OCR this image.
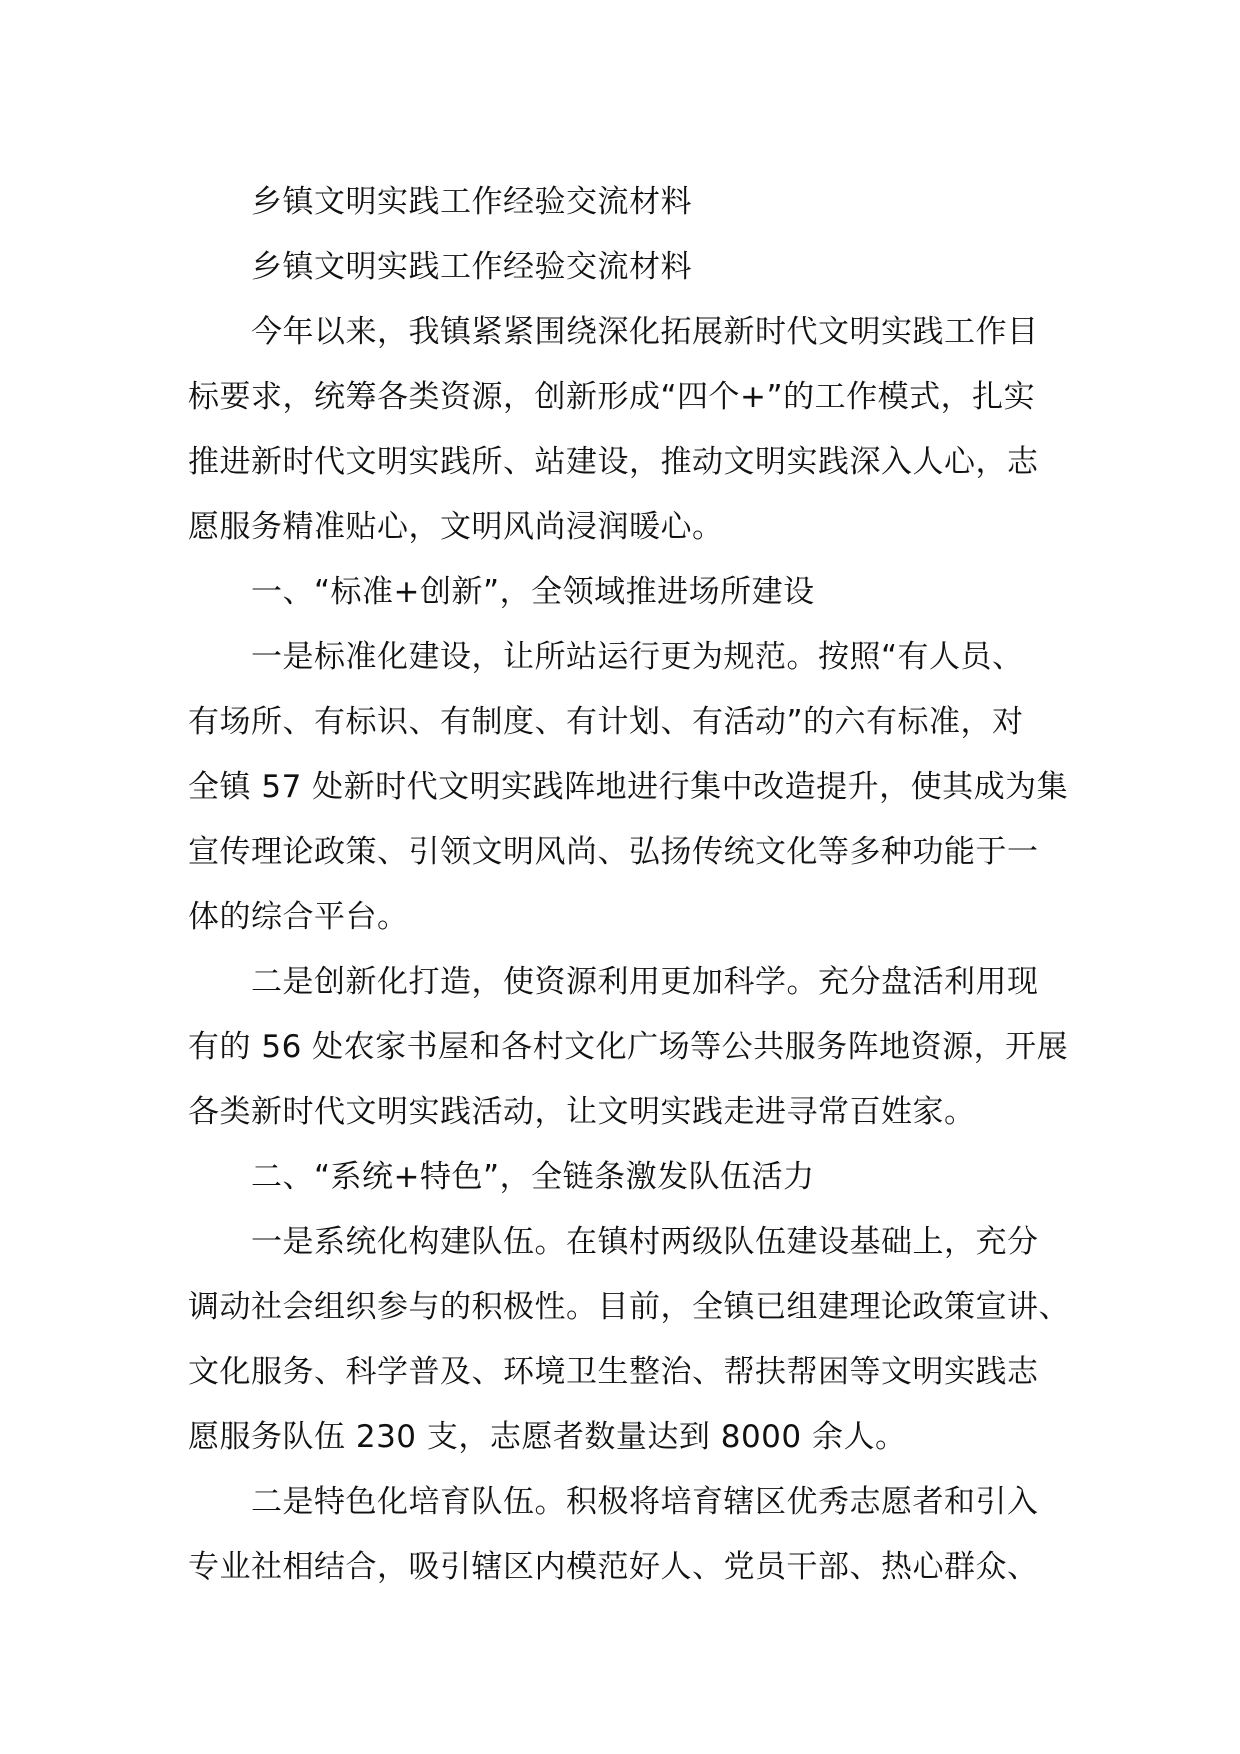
乡镇文明实践工作经验交流材料
乡镇文明实践工作经验交流材料
今年以来，我镇紧紧围绕深化拓展新时代文明实践工作目
标要求，统筹各类资源，创新形成“四个+”的工作模式，扎实
推进新时代文明实践所、站建设，推动文明实践深入人心，志
愿服务精准贴心，文明风尚浸润暖心。
一、“标准+创新”，全领域推进场所建设
一是标准化建设，让所站运行更为规范。按照“有人员、
有场所、有标识、有制度、有计划、有活动”的六有标准，对
全镇 57 处新时代文明实践阵地进行集中改造提升，使其成为集
宣传理论政策、引领文明风尚、弘扬传统文化等多种功能于一
体的综合平台。
二是创新化打造，使资源利用更加科学。充分盘活利用现
有的 56 处农家书屋和各村文化广场等公共服务阵地资源，开展
各类新时代文明实践活动，让文明实践走进寻常百姓家。
二、“系统+特色”，全链条激发队伍活力
一是系统化构建队伍。在镇村两级队伍建设基础上，充分
调动社会组织参与的积极性。目前，全镇已组建理论政策宣讲、
文化服务、科学普及、环境卫生整治、帮扶帮困等文明实践志
愿服务队伍 230 支，志愿者数量达到 8000 余人。
二是特色化培育队伍。积极将培育辖区优秀志愿者和引入
专业社相结合，吸引辖区内模范好人、党员干部、热心群众、
